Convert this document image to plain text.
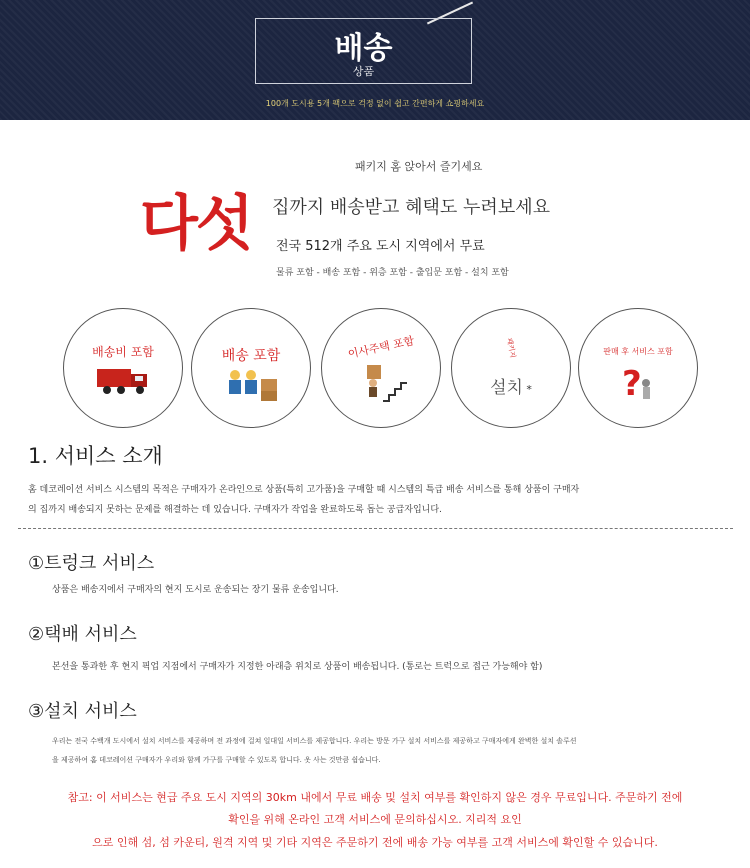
배송
상품
100개 도시용 5개 팩으로 걱정 없이 쉽고 간편하게 쇼핑하세요
패키지 홈 앉아서 즐기세요
다섯 집까지 배송받고 혜택도 누려보세요
전국 512개 주요 도시 지역에서 무료
물류 포함 - 배송 포함 - 위층 포함 - 출입문 포함 - 설치 포함
배송비 포함	배송 포함	이사주택 포함	패키지
설치 *
판매 후 서비스 포함
?
1. 서비스 소개
홈 데코레이션 서비스 시스템의 목적은 구매자가 온라인으로 상품(특히 고가품)을 구매할 때 시스템의 특급 배송 서비스를 통해 상품이 구매자
의 집까지 배송되지 못하는 문제를 해결하는 데 있습니다. 구매자가 작업을 완료하도록 돕는 공급자입니다.
①트렁크 서비스
상품은 배송지에서 구매자의 현지 도시로 운송되는 장기 물류 운송입니다.
②택배 서비스
본선을 통과한 후 현지 픽업 지점에서 구매자가 지정한 아래층 위치로 상품이 배송됩니다. (통로는 트럭으로 접근 가능해야 함)
③설치 서비스
우리는 전국 수백개 도시에서 설치 서비스를 제공하며 전 과정에 걸쳐 일대일 서비스를 제공합니다. 우리는 방문 가구 설치 서비스를 제공하고 구매자에게 완벽한 설치 솔루션
을 제공하여 홈 데코레이션 구매자가 우리와 함께 가구를 구매할 수 있도록 합니다. 옷 사는 것만큼 쉽습니다.
참고: 이 서비스는 현급 주요 도시 지역의 30km 내에서 무료 배송 및 설치 여부를 확인하지 않은 경우 무료입니다. 주문하기 전에
확인을 위해 온라인 고객 서비스에 문의하십시오. 지리적 요인
으로 인해 섬, 섬 카운티, 원격 지역 및 기타 지역은 주문하기 전에 배송 가능 여부를 고객 서비스에 확인할 수 있습니다.
